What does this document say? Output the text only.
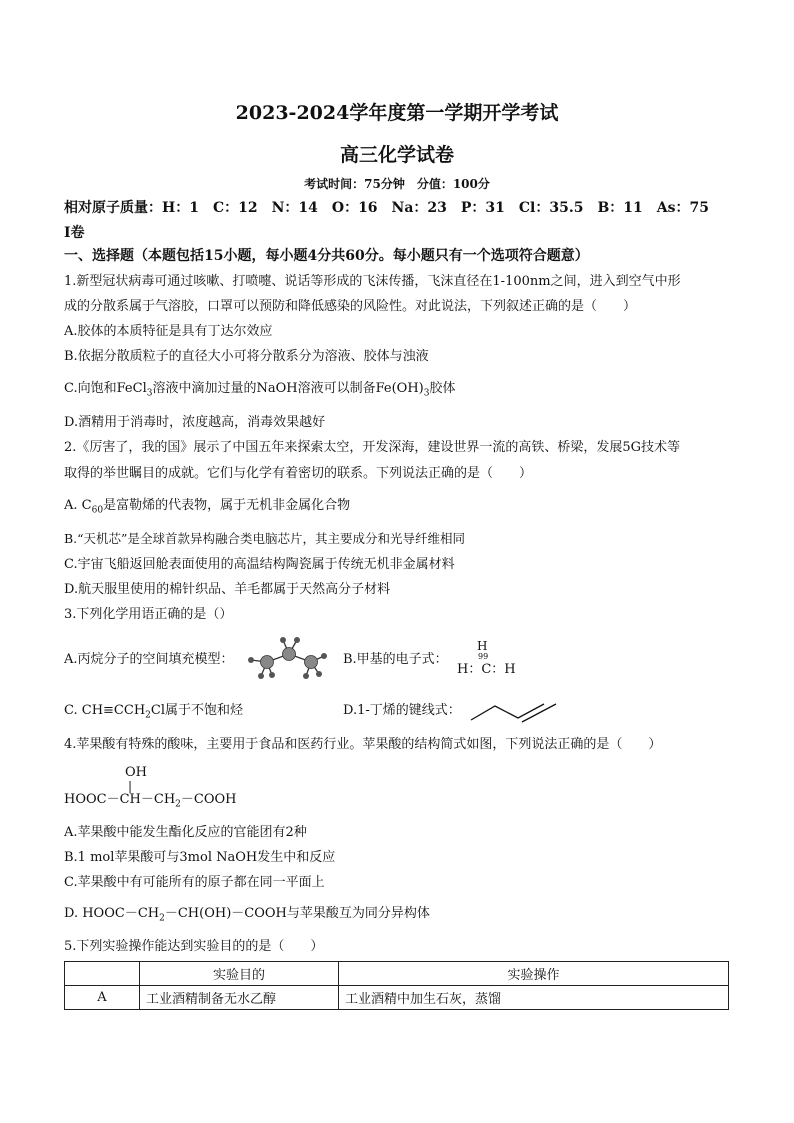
2023-2024学年度第一学期开学考试
高三化学试卷
考试时间：75分钟　分值：100分
相对原子质量：H：1　C：12　N：14　O：16　Na：23　P：31　Cl：35.5　B：11　As：75
I卷
一、选择题（本题包括15小题，每小题4分共60分。每小题只有一个选项符合题意）
1.新型冠状病毒可通过咳嗽、打喷嚏、说话等形成的飞沫传播，飞沫直径在1-100nm之间，进入到空气中形
成的分散系属于气溶胶，口罩可以预防和降低感染的风险性。对此说法，下列叙述正确的是（　　）
A.胶体的本质特征是具有丁达尔效应
B.依据分散质粒子的直径大小可将分散系分为溶液、胶体与浊液
C.向饱和FeCl$_3$溶液中滴加过量的NaOH溶液可以制备$Fe(OH)_3$胶体
D.酒精用于消毒时，浓度越高，消毒效果越好
2.《厉害了，我的国》展示了中国五年来探索太空，开发深海，建设世界一流的高铁、桥梁，发展5G技术等
取得的举世瞩目的成就。它们与化学有着密切的联系。下列说法正确的是（　　）
A. $C_{60}$是富勒烯的代表物，属于无机非金属化合物
B.“天机芯”是全球首款异构融合类电脑芯片，其主要成分和光导纤维相同
C.宇宙飞船返回舱表面使用的高温结构陶瓷属于传统无机非金属材料
D.航天服里使用的棉针织品、羊毛都属于天然高分子材料
3.下列化学用语正确的是（）
A.丙烷分子的空间填充模型：	B.甲基的电子式：
H
99
H：C：H
C. $CH\equiv CCH_2Cl$属于不饱和烃	D.1-丁烯的键线式：
4.苹果酸有特殊的酸味，主要用于食品和医药行业。苹果酸的结构简式如图，下列说法正确的是（　　）
OH
|
$HOOC-CH-CH_2-COOH$
A.苹果酸中能发生酯化反应的官能团有2种
B.1 mol苹果酸可与3mol NaOH发生中和反应
C.苹果酸中有可能所有的原子都在同一平面上
D. $HOOC-CH_2-CH(OH)-COOH$与苹果酸互为同分异构体
5.下列实验操作能达到实验目的的是（　　）
	实验目的	实验操作
A	工业酒精制备无水乙醇	工业酒精中加生石灰，蒸馏
